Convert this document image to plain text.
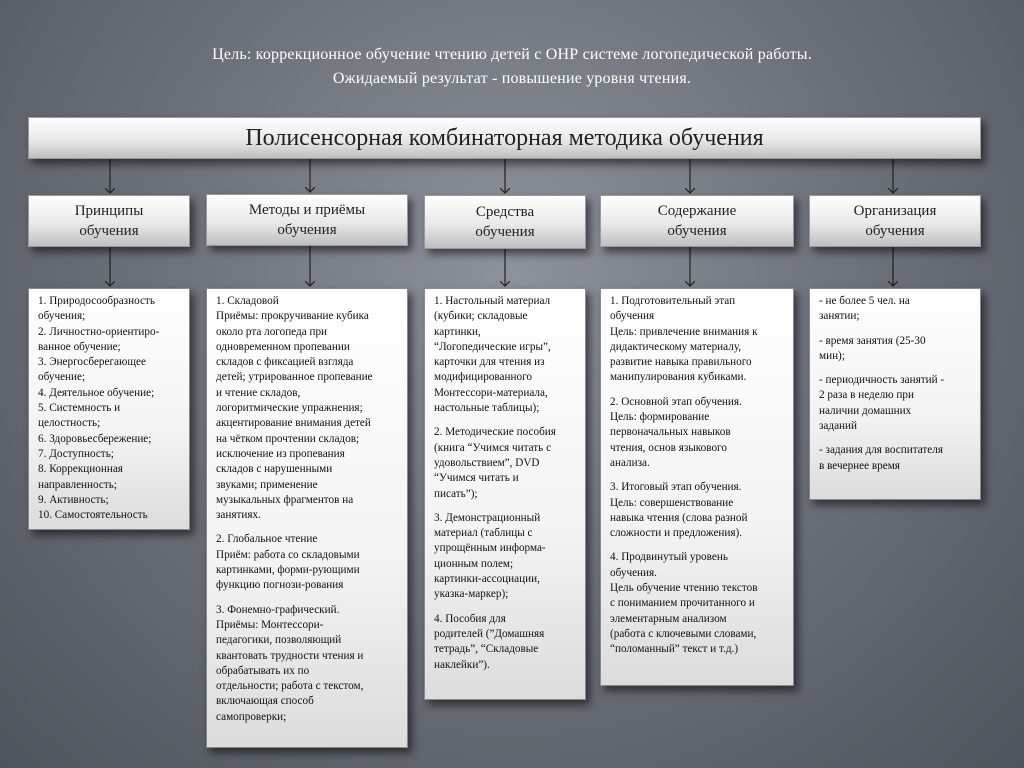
Цель: коррекционное обучение чтению детей с ОНР системе логопедической работы.
Ожидаемый результат - повышение уровня чтения.
Полисенсорная комбинаторная методика обучения
Принципы
обучения
Методы и приёмы
обучения
Средства
обучения
Содержание
обучения
Организация
обучения
1. Природосообразность
обучения;
2. Личностно-ориентиро-
ванное обучение;
3. Энергосберегающее
обучение;
4. Деятельное обучение;
5. Системность и
целостность;
6. Здоровьесбережение;
7. Доступность;
8. Коррекционная
направленность;
9. Активность;
10. Самостоятельность
1. Складовой
Приёмы: прокручивание кубика
около рта логопеда при
одновременном пропевании
складов с фиксацией взгляда
детей; утрированное пропевание
и чтение складов,
логоритмические упражнения;
акцентирование внимания детей
на чётком прочтении складов;
исключение из пропевания
складов с нарушенными
звуками; применение
музыкальных фрагментов на
занятиях.
2. Глобальное чтение
Приём: работа со складовыми
картинками, форми-рующими
функцию погнози-рования
3. Фонемно-графический.
Приёмы: Монтессори-
педагогики, позволяющий
квантовать трудности чтения и
обрабатывать их по
отдельности; работа с текстом,
включающая способ
самопроверки;
1. Настольный материал
(кубики; складовые
картинки,
“Логопедические игры”,
карточки для чтения из
модифицированного
Монтессори-материала,
настольные таблицы);
2. Методические пособия
(книга “Учимся читать с
удовольствием”, DVD
“Учимся читать и
писать”);
3. Демонстрационный
материал (таблицы с
упрощённым информа-
ционным полем;
картинки-ассоциации,
указка-маркер);
4. Пособия для
родителей (”Домашняя
тетрадь”, “Складовые
наклейки”).
1. Подготовительный этап
обучения
Цель: привлечение внимания к
дидактическому материалу,
развитие навыка правильного
манипулирования кубиками.
2. Основной этап обучения.
Цель: формирование
первоначальных навыков
чтения, основ языкового
анализа.
3. Итоговый этап обучения.
Цель: совершенствование
навыка чтения (слова разной
сложности и предложения).
4. Продвинутый уровень
обучения.
Цель обучение чтению текстов
с пониманием прочитанного и
элементарным анализом
(работа с ключевыми словами,
“поломанный” текст и т.д.)
- не более 5 чел. на
занятии;
- время занятия (25-30
мин);
- периодичность занятий -
2 раза в неделю при
наличии домашних
заданий
- задания для воспитателя
в вечернее время
